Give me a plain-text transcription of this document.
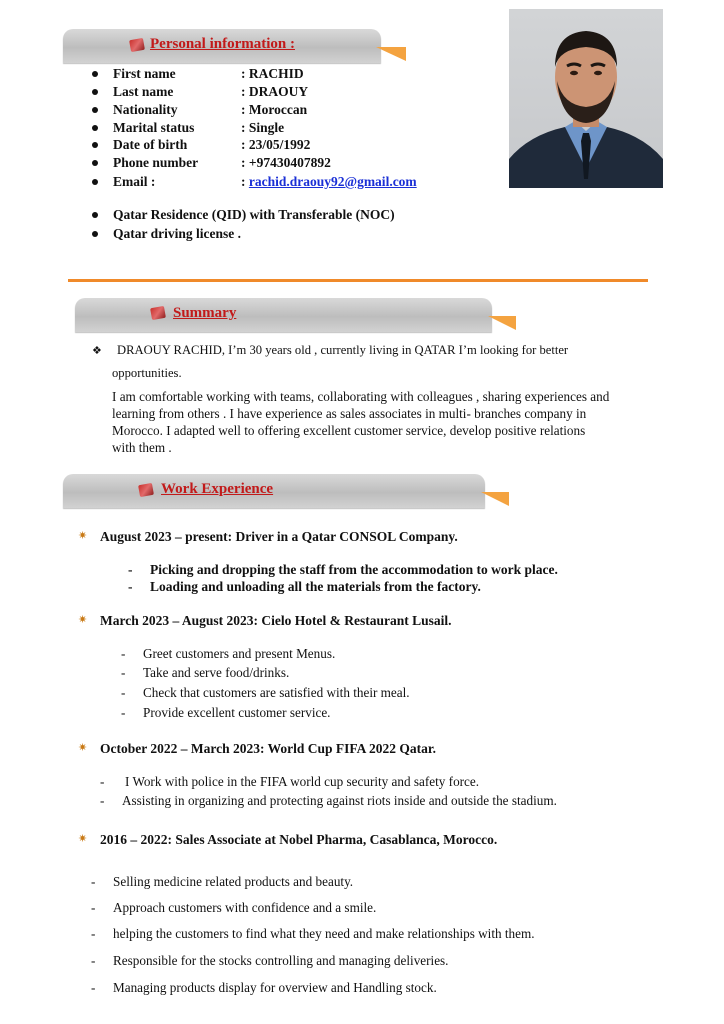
Personal information :
First name	: RACHID
Last name	: DRAOUY
Nationality	: Moroccan
Marital status	: Single
Date of birth	: 23/05/1992
Phone number	: +97430407892
Email :	: rachid.draouy92@gmail.com
Qatar Residence (QID) with Transferable (NOC)
Qatar driving license .
Summary
❖ DRAOUY RACHID, I’m 30 years old , currently living in QATAR I’m looking for better
opportunities.
I am comfortable working with teams, collaborating with colleagues , sharing experiences and
learning from others . I have experience as sales associates in multi- branches company in
Morocco. I adapted well to offering excellent customer service, develop positive relations
with them .
Work Experience
✷ August 2023 – present: Driver in a Qatar CONSOL Company.
- Picking and dropping the staff from the accommodation to work place.
- Loading and unloading all the materials from the factory.
✷ March 2023 – August 2023: Cielo Hotel & Restaurant Lusail.
- Greet customers and present Menus.
- Take and serve food/drinks.
- Check that customers are satisfied with their meal.
- Provide excellent customer service.
✷ October 2022 – March 2023: World Cup FIFA 2022 Qatar.
- I Work with police in the FIFA world cup security and safety force.
- Assisting in organizing and protecting against riots inside and outside the stadium.
✷ 2016 – 2022: Sales Associate at Nobel Pharma, Casablanca, Morocco.
- Selling medicine related products and beauty.
- Approach customers with confidence and a smile.
- helping the customers to find what they need and make relationships with them.
- Responsible for the stocks controlling and managing deliveries.
- Managing products display for overview and Handling stock.
